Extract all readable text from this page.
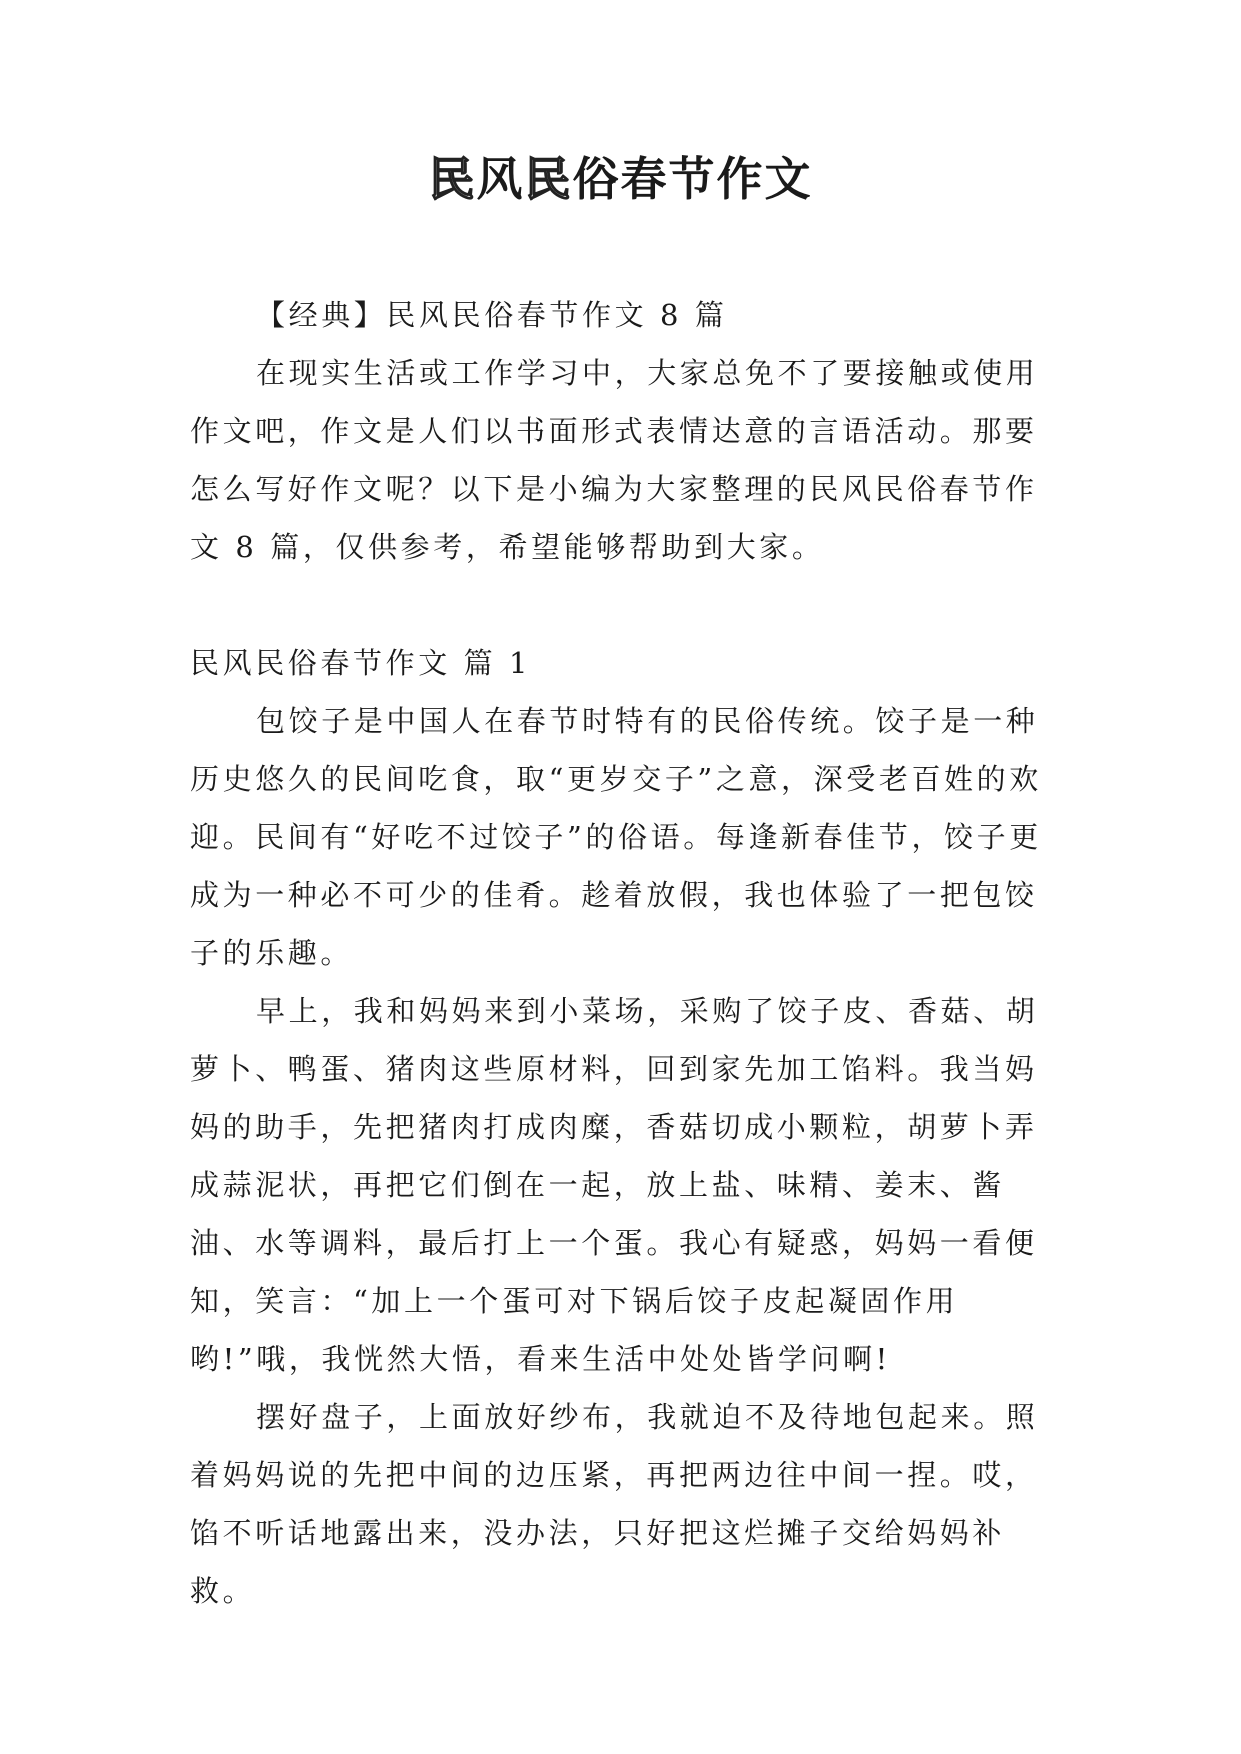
民风民俗春节作文

【经典】民风民俗春节作文 8 篇

在现实生活或工作学习中，大家总免不了要接触或使用作文吧，作文是人们以书面形式表情达意的言语活动。那要怎么写好作文呢？以下是小编为大家整理的民风民俗春节作文 8 篇，仅供参考，希望能够帮助到大家。

民风民俗春节作文 篇 1

包饺子是中国人在春节时特有的民俗传统。饺子是一种历史悠久的民间吃食，取“更岁交子”之意，深受老百姓的欢迎。民间有“好吃不过饺子”的俗语。每逢新春佳节，饺子更成为一种必不可少的佳肴。趁着放假，我也体验了一把包饺子的乐趣。

早上，我和妈妈来到小菜场，采购了饺子皮、香菇、胡萝卜、鸭蛋、猪肉这些原材料，回到家先加工馅料。我当妈妈的助手，先把猪肉打成肉糜，香菇切成小颗粒，胡萝卜弄成蒜泥状，再把它们倒在一起，放上盐、味精、姜末、酱油、水等调料，最后打上一个蛋。我心有疑惑，妈妈一看便知，笑言：“加上一个蛋可对下锅后饺子皮起凝固作用哟!”哦，我恍然大悟，看来生活中处处皆学问啊!

摆好盘子，上面放好纱布，我就迫不及待地包起来。照着妈妈说的先把中间的边压紧，再把两边往中间一捏。哎，馅不听话地露出来，没办法，只好把这烂摊子交给妈妈补救。
